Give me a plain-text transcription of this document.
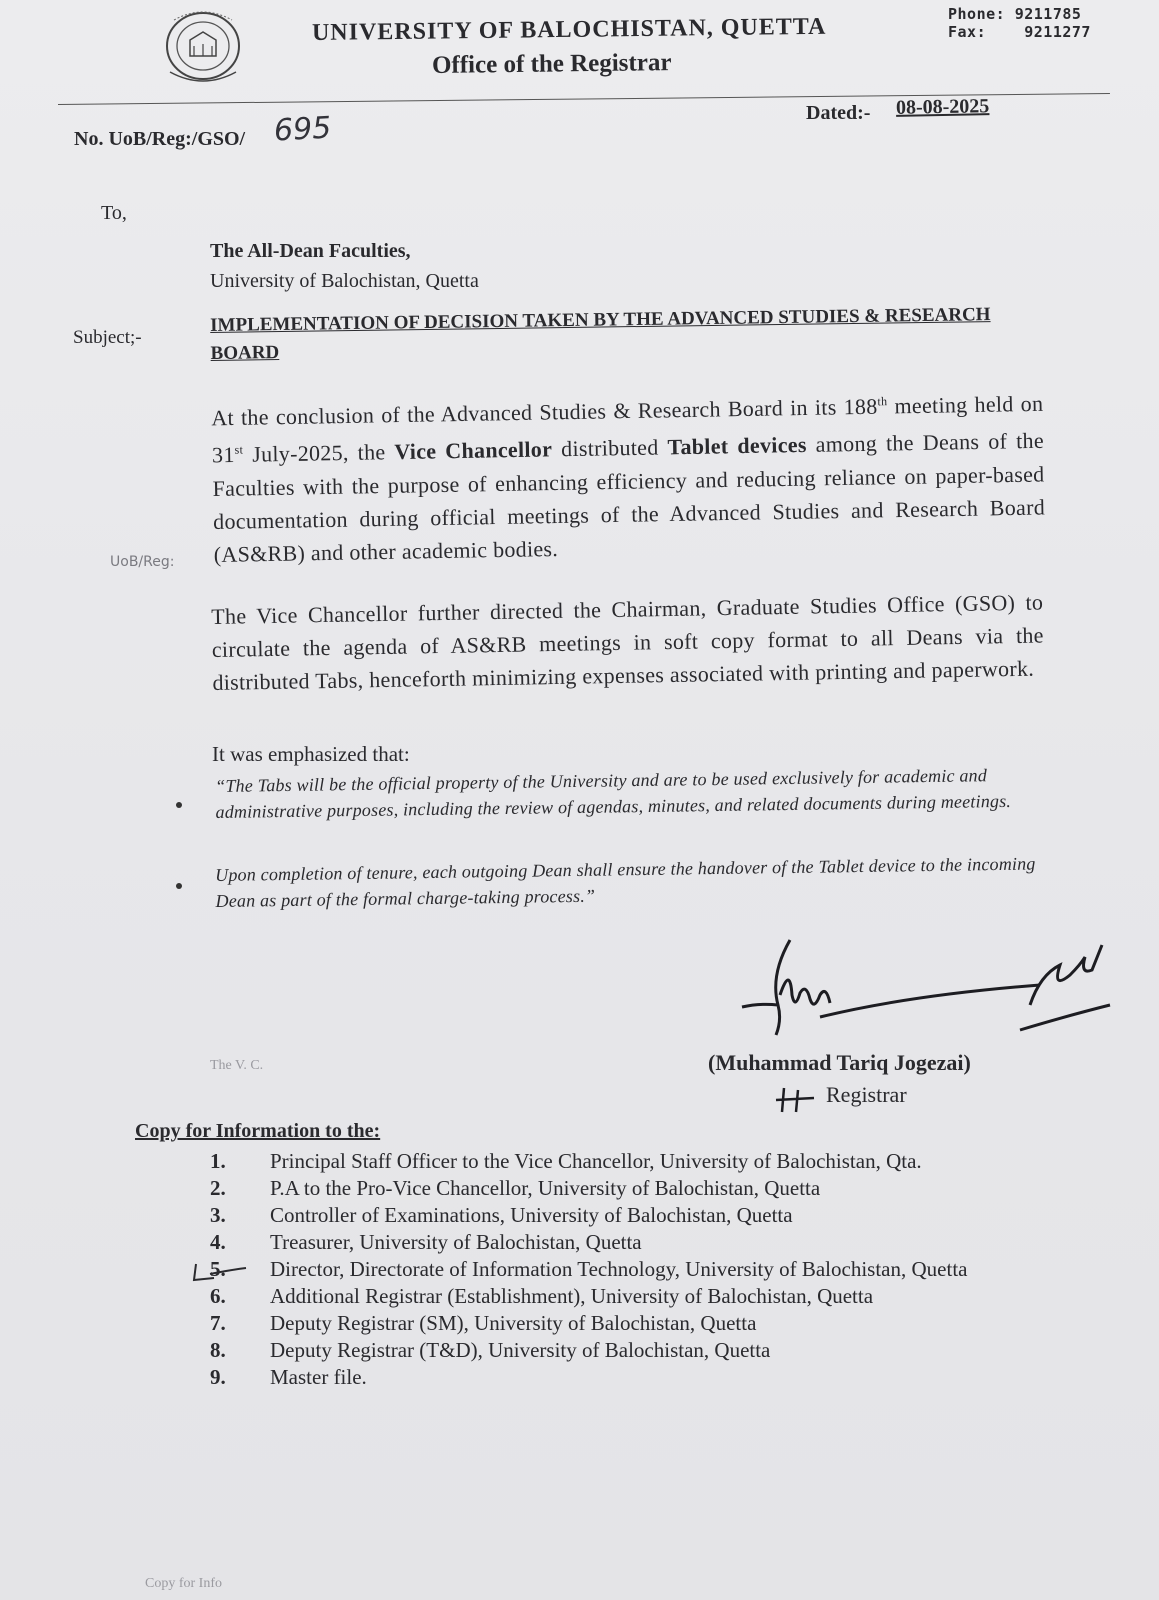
UNIVERSITY OF BALOCHISTAN, QUETTA
Office of the Registrar
Phone: 9211785
Fax:	9211277
No. UoB/Reg:/GSO/ 695	Dated:- 08-08-2025
To,
The All-Dean Faculties,
University of Balochistan, Quetta
Subject;-
IMPLEMENTATION OF DECISION TAKEN BY THE ADVANCED STUDIES & RESEARCH BOARD
At the conclusion of the Advanced Studies & Research Board in its 188th meeting held on 31st July-2025, the Vice Chancellor distributed Tablet devices among the Deans of the Faculties with the purpose of enhancing efficiency and reducing reliance on paper-based documentation during official meetings of the Advanced Studies and Research Board (AS&RB) and other academic bodies.
The Vice Chancellor further directed the Chairman, Graduate Studies Office (GSO) to circulate the agenda of AS&RB meetings in soft copy format to all Deans via the distributed Tabs, henceforth minimizing expenses associated with printing and paperwork.
It was emphasized that:
“The Tabs will be the official property of the University and are to be used exclusively for academic and administrative purposes, including the review of agendas, minutes, and related documents during meetings.
Upon completion of tenure, each outgoing Dean shall ensure the handover of the Tablet device to the incoming Dean as part of the formal charge-taking process.”
(Muhammad Tariq Jogezai)
Registrar
Copy for Information to the:
1. Principal Staff Officer to the Vice Chancellor, University of Balochistan, Qta.
2. P.A to the Pro-Vice Chancellor, University of Balochistan, Quetta
3. Controller of Examinations, University of Balochistan, Quetta
4. Treasurer, University of Balochistan, Quetta
5. Director, Directorate of Information Technology, University of Balochistan, Quetta
6. Additional Registrar (Establishment), University of Balochistan, Quetta
7. Deputy Registrar (SM), University of Balochistan, Quetta
8. Deputy Registrar (T&D), University of Balochistan, Quetta
9. Master file.
UoB/Reg:
The V. C.
Copy for Info
